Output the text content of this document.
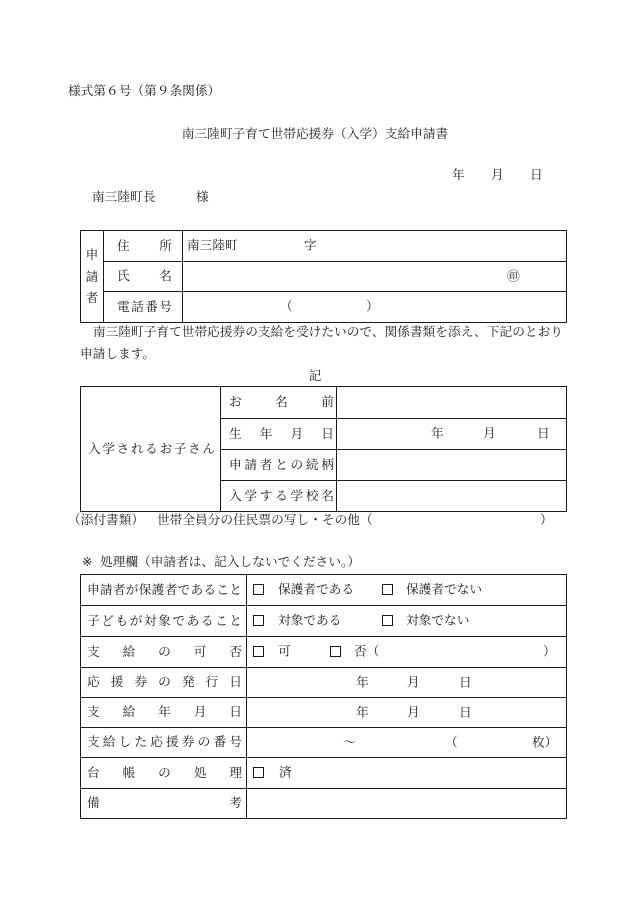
様式第６号（第９条関係）
南三陸町子育て世帯応援券（入学）支給申請書
年 月 日
南三陸町長	様
申請者
住所 南三陸町	字
氏名	㊞
電話番号	（	）
南三陸町子育て世帯応援券の支給を受けたいので、関係書類を添え、下記のとおり
申請します。
記
入学されるお子さん
お名前
生年月日	年	月	日
申請者との続柄
入学する学校名
（添付書類） 世帯全員分の住民票の写し・その他（	）
※ 処理欄（申請者は、記入しないでください。）
申請者が保護者であること	保護者である	保護者でない
子どもが対象であること	対象である	対象でない
支給の可否	可	否（	）
応援券の発行日	年	月	日
支給年月日	年	月	日
支給した応援券の番号	～	（	枚）
台帳の処理	済
備考
